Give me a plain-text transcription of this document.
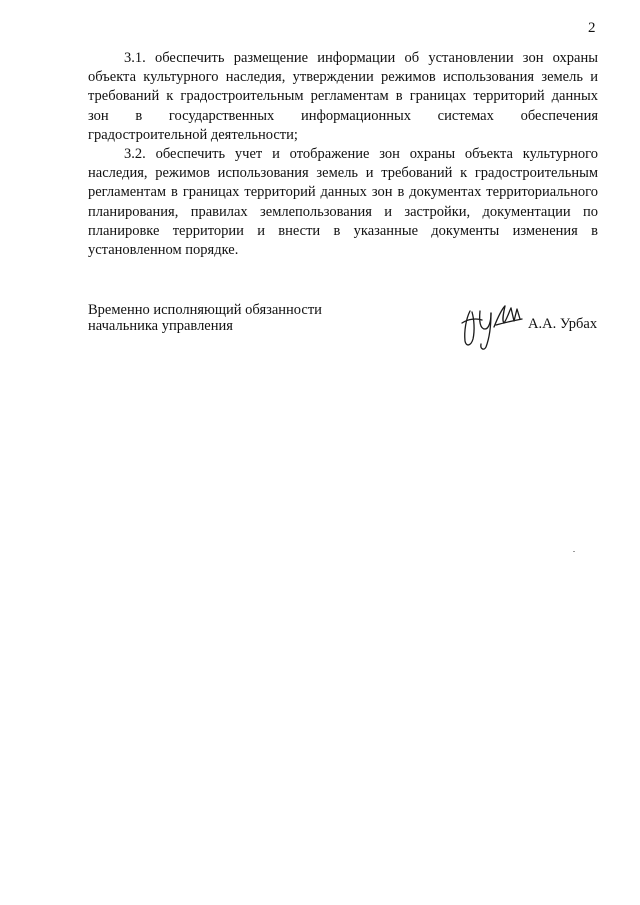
2

3.1. обеспечить размещение информации об установлении зон охраны объекта культурного наследия, утверждении режимов использования земель и требований к градостроительным регламентам в границах территорий данных зон в государственных информационных системах обеспечения градостроительной деятельности;

3.2. обеспечить учет и отображение зон охраны объекта культурного наследия, режимов использования земель и требований к градостроительным регламентам в границах территорий данных зон в документах территориального планирования, правилах землепользования и застройки, документации по планировке территории и внести в указанные документы изменения в установленном порядке.

Временно исполняющий обязанности
начальника управления	А.А. Урбах
